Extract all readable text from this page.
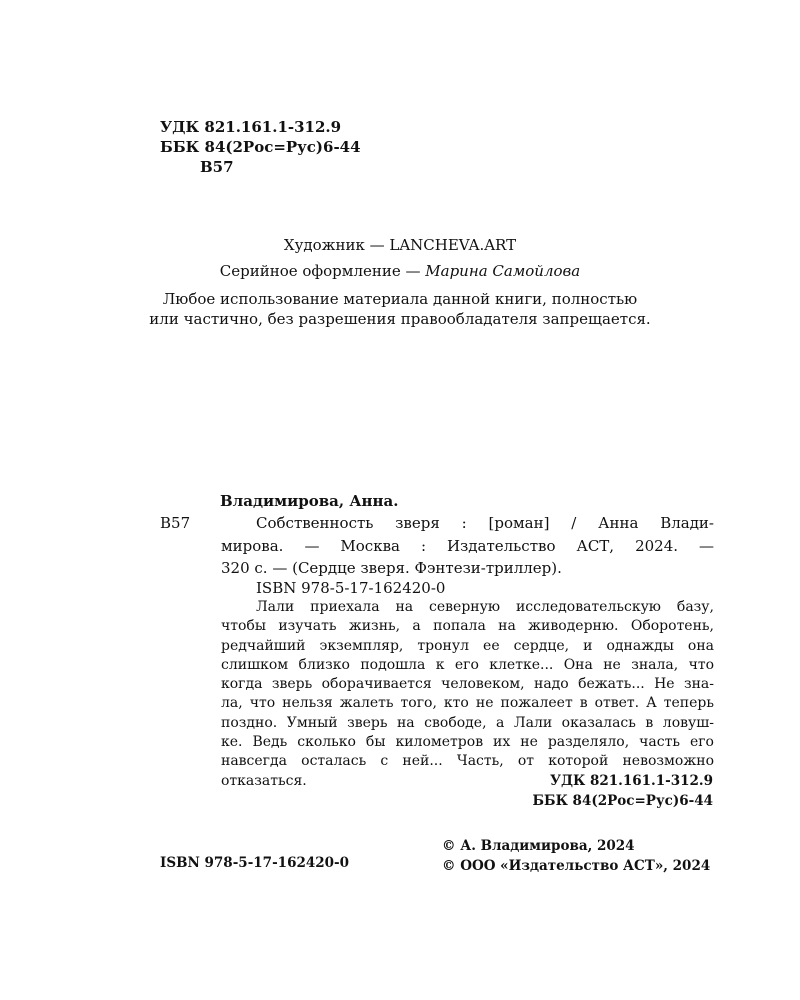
УДК 821.161.1-312.9
ББК 84(2Рос=Рус)6-44
В57

Художник — LANCHEVA.ART

Серийное оформление — Марина Самойлова

Любое использование материала данной книги, полностью
или частично, без разрешения правообладателя запрещается.

Владимирова, Анна.

В57	Собственность зверя : [роман] / Анна Влади-
мирова. — Москва : Издательство АСТ, 2024. —
320 с. — (Сердце зверя. Фэнтези-триллер).

ISBN 978-5-17-162420-0

Лали приехала на северную исследовательскую базу,
чтобы изучать жизнь, а попала на живодерню. Оборотень,
редчайший экземпляр, тронул ее сердце, и однажды она
слишком близко подошла к его клетке... Она не знала, что
когда зверь оборачивается человеком, надо бежать... Не зна-
ла, что нельзя жалеть того, кто не пожалеет в ответ. А теперь
поздно. Умный зверь на свободе, а Лали оказалась в ловуш-
ке. Ведь сколько бы километров их не разделяло, часть его
навсегда осталась с ней... Часть, от которой невозможно
отказаться.	УДК 821.161.1-312.9
ББК 84(2Рос=Рус)6-44

ISBN 978-5-17-162420-0

© А. Владимирова, 2024
© ООО «Издательство АСТ», 2024
